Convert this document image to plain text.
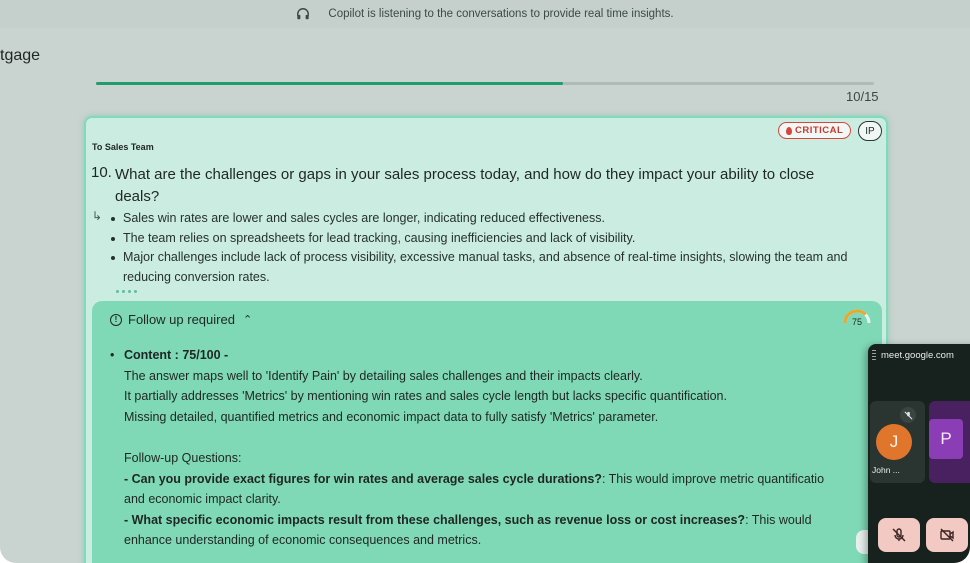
Copilot is listening to the conversations to provide real time insights.
tgage
10/15
To Sales Team
CRITICAL	IP
10. What are the challenges or gaps in your sales process today, and how do they impact your ability to close deals?
↳	Sales win rates are lower and sales cycles are longer, indicating reduced effectiveness.
The team relies on spreadsheets for lead tracking, causing inefficiencies and lack of visibility.
Major challenges include lack of process visibility, excessive manual tasks, and absence of real-time insights, slowing the team and reducing conversion rates.
! Follow up required ⌃	75
• Content : 75/100 -
The answer maps well to 'Identify Pain' by detailing sales challenges and their impacts clearly.
It partially addresses 'Metrics' by mentioning win rates and sales cycle length but lacks specific quantification.
Missing detailed, quantified metrics and economic impact data to fully satisfy 'Metrics' parameter.
Follow-up Questions:
- Can you provide exact figures for win rates and average sales cycle durations?: This would improve metric quantificatio
and economic impact clarity.
- What specific economic impacts result from these challenges, such as revenue loss or cost increases?: This would
enhance understanding of economic consequences and metrics.
meet.google.com
J
John ...
P
